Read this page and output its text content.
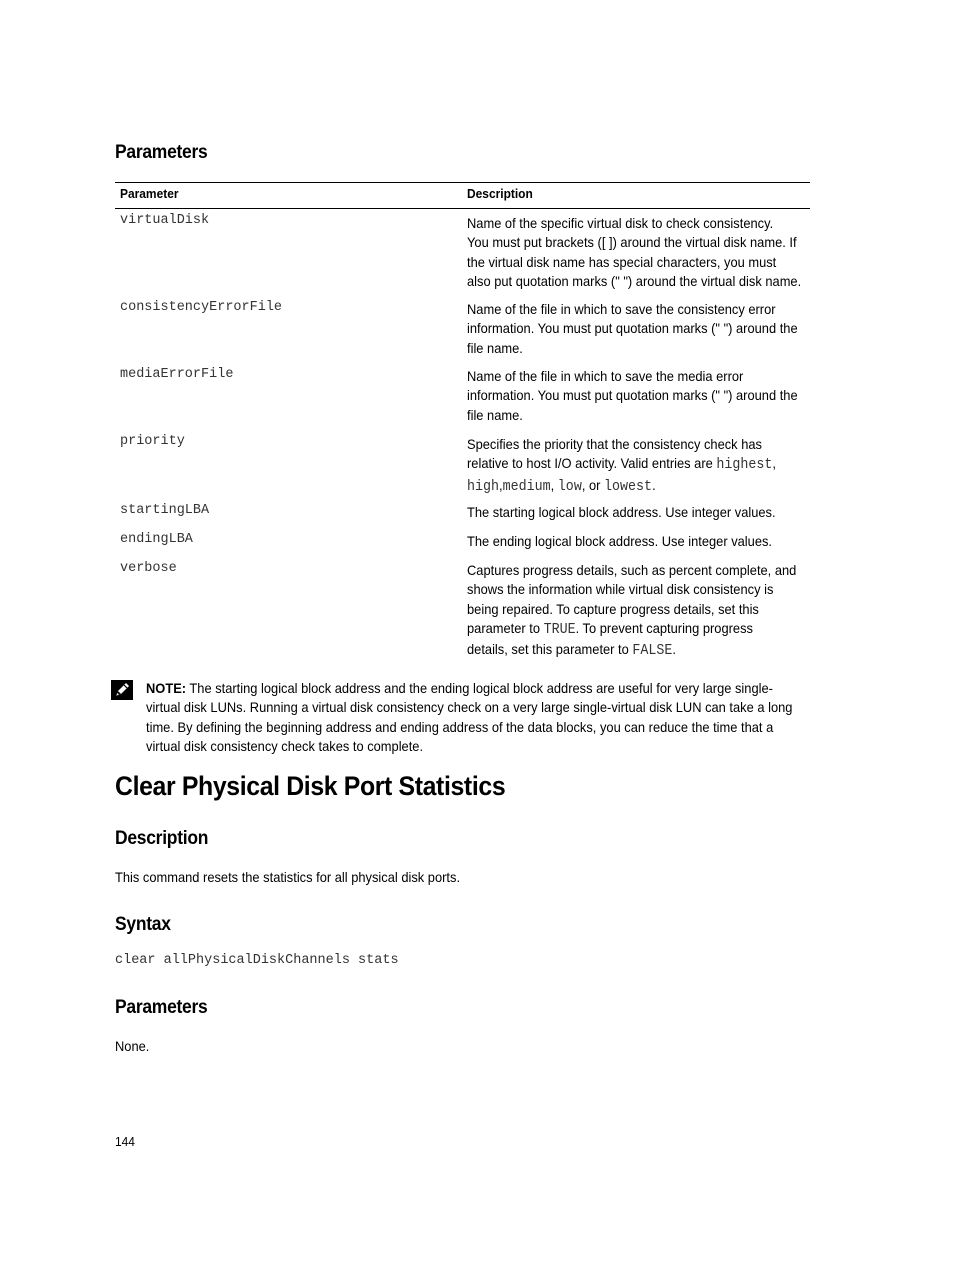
Parameters
Parameter	Description
virtualDisk	Name of the specific virtual disk to check consistency.
You must put brackets ([ ]) around the virtual disk name. If
the virtual disk name has special characters, you must
also put quotation marks (" ") around the virtual disk name.
consistencyErrorFile	Name of the file in which to save the consistency error
information. You must put quotation marks (" ") around the
file name.
mediaErrorFile	Name of the file in which to save the media error
information. You must put quotation marks (" ") around the
file name.
priority	Specifies the priority that the consistency check has
relative to host I/O activity. Valid entries are highest,
high,medium, low, or lowest.
startingLBA	The starting logical block address. Use integer values.
endingLBA	The ending logical block address. Use integer values.
verbose	Captures progress details, such as percent complete, and
shows the information while virtual disk consistency is
being repaired. To capture progress details, set this
parameter to TRUE. To prevent capturing progress
details, set this parameter to FALSE.
NOTE: The starting logical block address and the ending logical block address are useful for very large single-
virtual disk LUNs. Running a virtual disk consistency check on a very large single-virtual disk LUN can take a long
time. By defining the beginning address and ending address of the data blocks, you can reduce the time that a
virtual disk consistency check takes to complete.
Clear Physical Disk Port Statistics
Description

This command resets the statistics for all physical disk ports.

Syntax
clear allPhysicalDiskChannels stats
Parameters

None.

144
